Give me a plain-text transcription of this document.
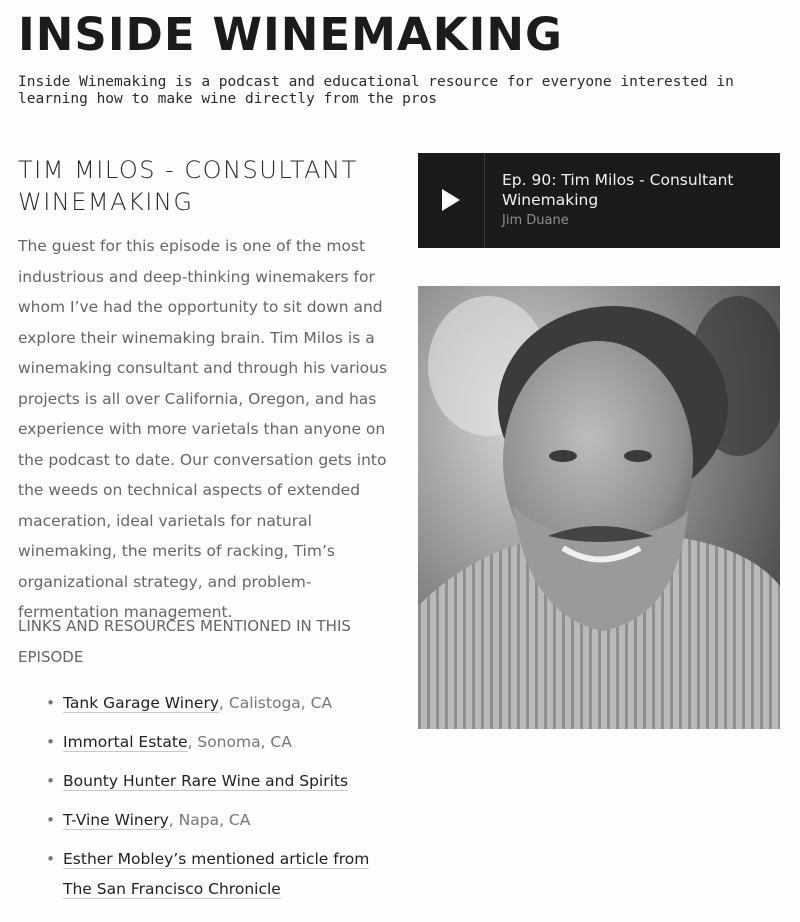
INSIDE WINEMAKING

Inside Winemaking is a podcast and educational resource for everyone interested in learning how to make wine directly from the pros

TIM MILOS - CONSULTANT WINEMAKING

The guest for this episode is one of the most industrious and deep-thinking winemakers for whom I’ve had the opportunity to sit down and explore their winemaking brain. Tim Milos is a winemaking consultant and through his various projects is all over California, Oregon, and has experience with more varietals than anyone on the podcast to date. Our conversation gets into the weeds on technical aspects of extended maceration, ideal varietals for natural winemaking, the merits of racking, Tim’s organizational strategy, and problem-fermentation management.

LINKS AND RESOURCES MENTIONED IN THIS EPISODE

• Tank Garage Winery, Calistoga, CA
• Immortal Estate, Sonoma, CA
• Bounty Hunter Rare Wine and Spirits
• T-Vine Winery, Napa, CA
• Esther Mobley’s mentioned article from The San Francisco Chronicle
Ep. 90: Tim Milos - Consultant Winemaking
Jim Duane
